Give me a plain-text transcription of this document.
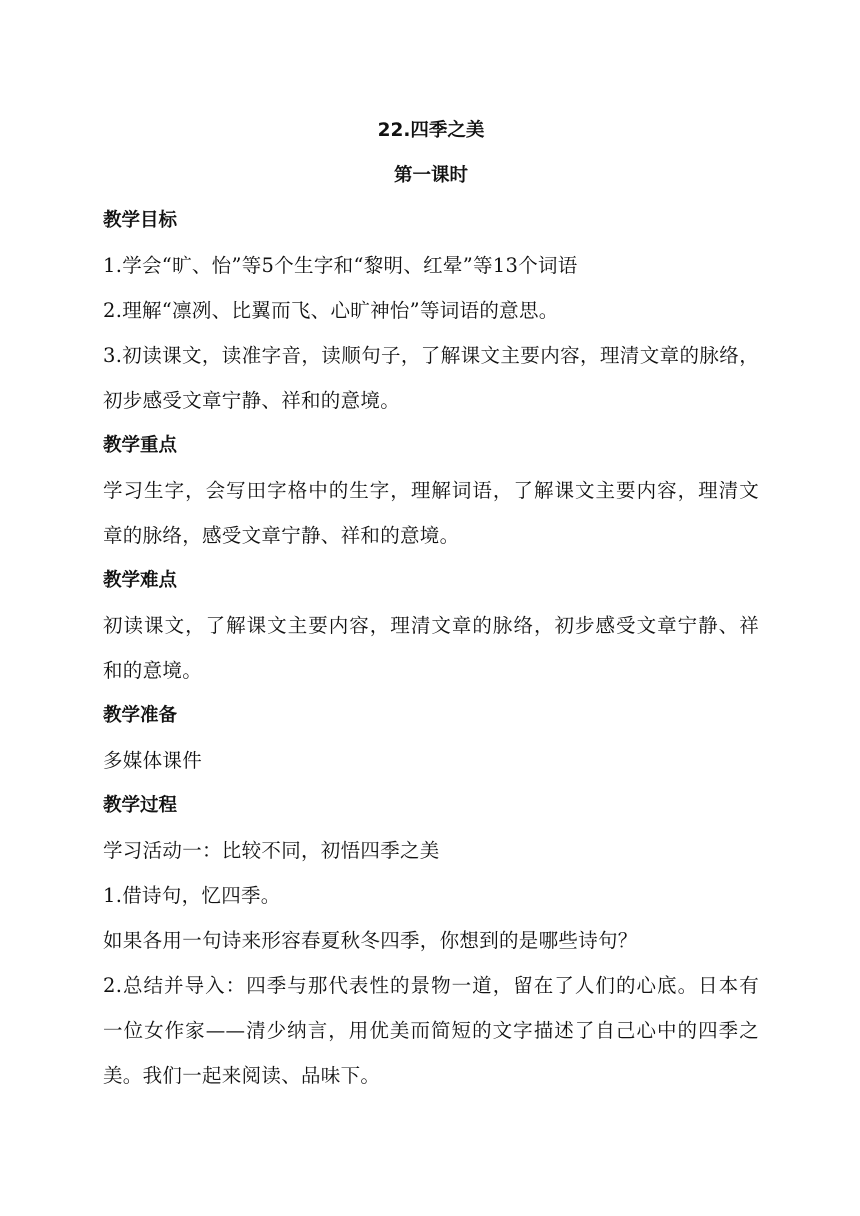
22.四季之美
第一课时
教学目标
1.学会“旷、怡”等5个生字和“黎明、红晕”等13个词语
2.理解“凛冽、比翼而飞、心旷神怡”等词语的意思。
3.初读课文，读准字音，读顺句子，了解课文主要内容，理清文章的脉络，
初步感受文章宁静、祥和的意境。
教学重点
学习生字，会写田字格中的生字，理解词语，了解课文主要内容，理清文
章的脉络，感受文章宁静、祥和的意境。
教学难点
初读课文，了解课文主要内容，理清文章的脉络，初步感受文章宁静、祥
和的意境。
教学准备
多媒体课件
教学过程
学习活动一：比较不同，初悟四季之美
1.借诗句，忆四季。
如果各用一句诗来形容春夏秋冬四季，你想到的是哪些诗句？
2.总结并导入：四季与那代表性的景物一道，留在了人们的心底。日本有
一位女作家——清少纳言，用优美而简短的文字描述了自己心中的四季之
美。我们一起来阅读、品味下。
